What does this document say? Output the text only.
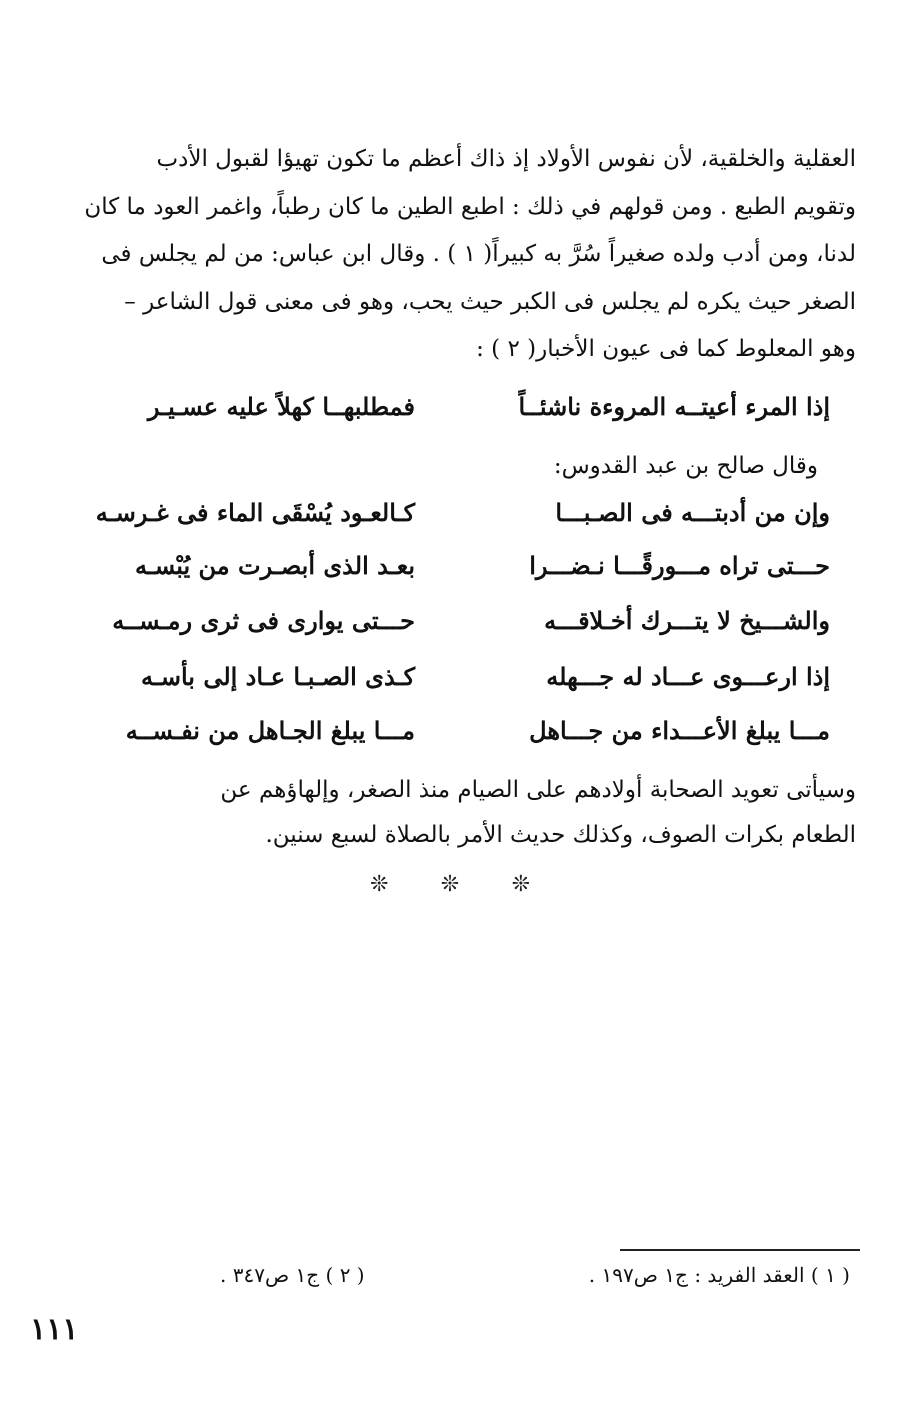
العقلية والخلقية، لأن نفوس الأولاد إذ ذاك أعظم ما تكون تهيؤا لقبول الأدب

وتقويم الطبع . ومن قولهم في ذلك : اطبع الطين ما كان رطباً، واغمر العود ما كان

لدنا، ومن أدب ولده صغيراً سُرَّ به كبيراً( ١ ) . وقال ابن عباس: من لم يجلس فى

الصغر حيث يكره لم يجلس فى الكبر حيث يحب، وهو فى معنى قول الشاعر –

وهو المعلوط كما فى عيون الأخبار( ٢ ) :

إذا المرء أعيتــه المروءة ناشئــاً
فمطلبهــا كهلاً عليه عسـيـر
وقال صالح بن عبد القدوس:
وإن من أدبتـــه فى الصـبـــا
كـالعـود يُسْقَى الماء فى غـرسـه
حـــتى تراه مـــورقًـــا نـضـــرا
بعـد الذى أبصـرت من يُبْسـه
والشـــيخ لا يتـــرك أخـلاقـــه
حـــتى يوارى فى ثرى رمـســه
إذا ارعـــوى عـــاد له جـــهله
كـذى الصـبـا عـاد إلى بأسـه
مـــا يبلغ الأعـــداء من جـــاهل
مـــا يبلغ الجـاهل من نفـســه

وسيأتى تعويد الصحابة أولادهم على الصيام منذ الصغر، وإلهاؤهم عن

الطعام بكرات الصوف، وكذلك حديث الأمر بالصلاة لسبع سنين.

❊ ❊ ❊
( ١ ) العقد الفريد : ج١ ص١٩٧ .
( ٢ ) ج١ ص٣٤٧ .
١١١
